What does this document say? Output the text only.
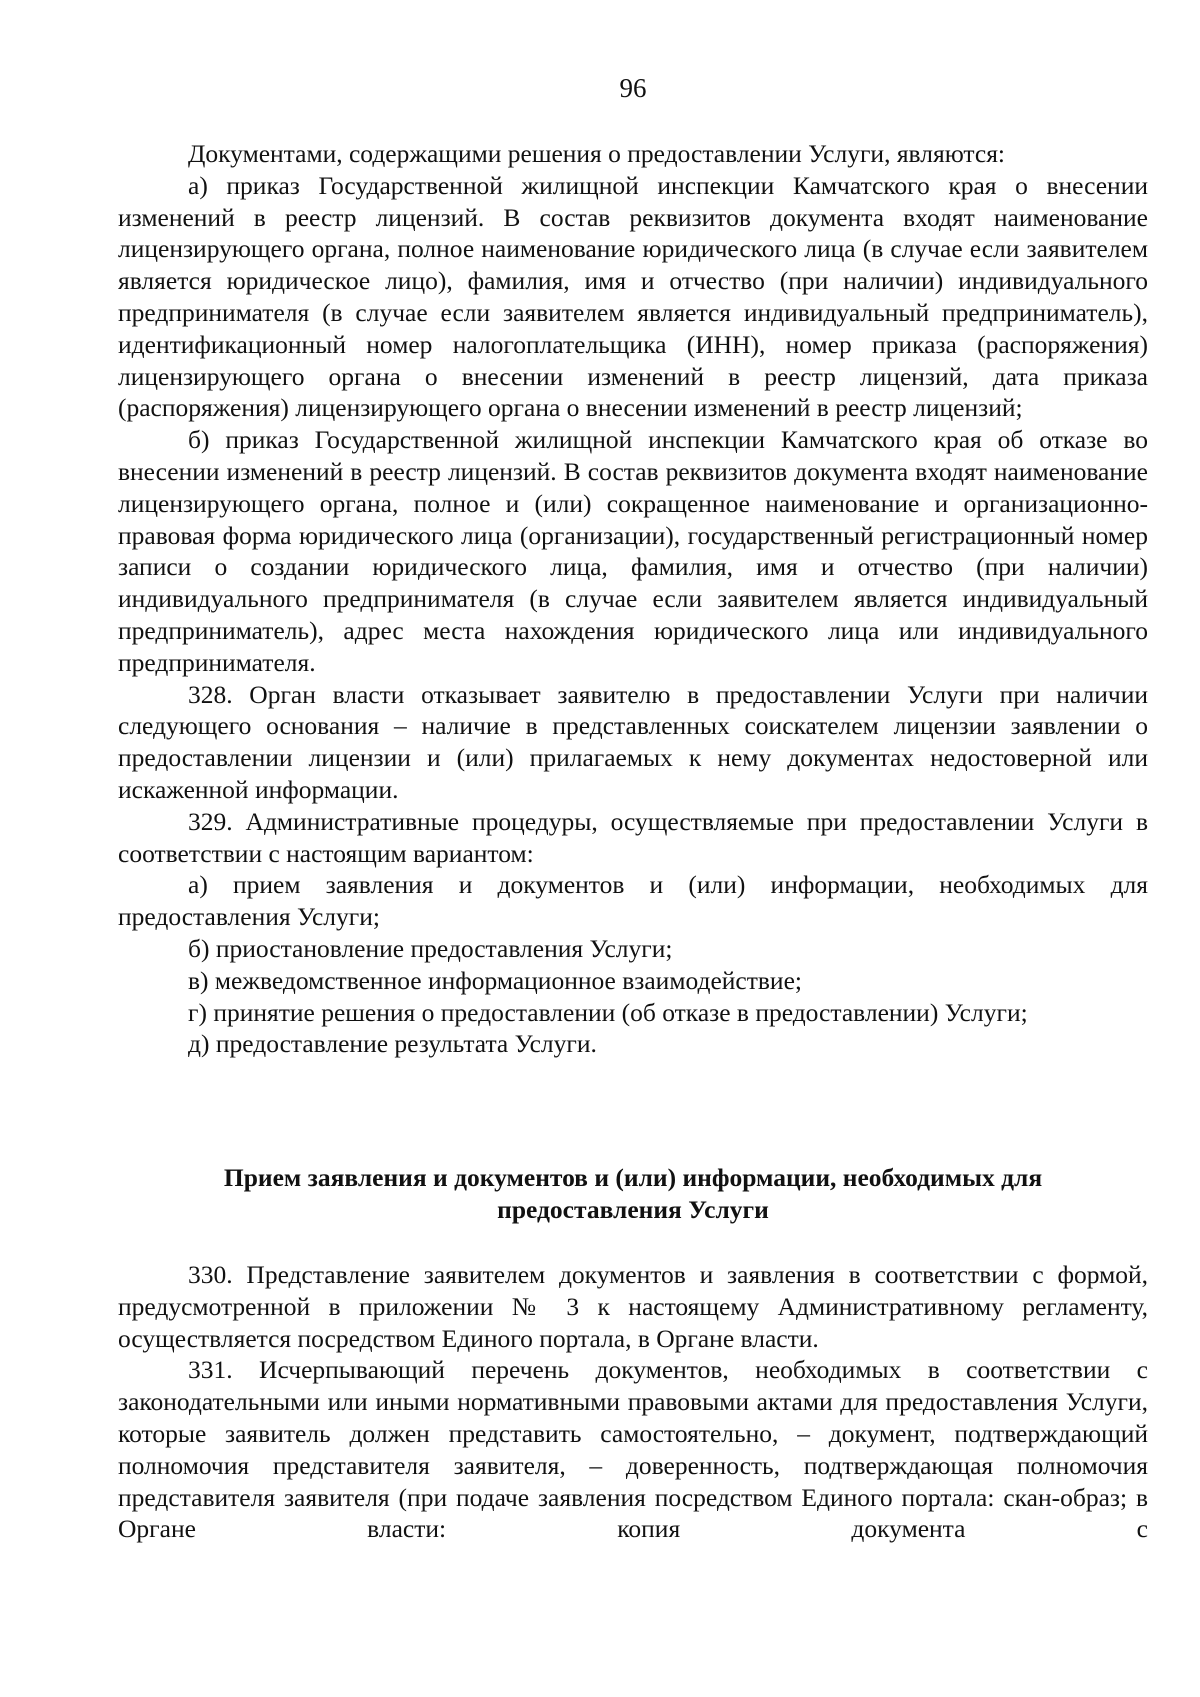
96

Документами, содержащими решения о предоставлении Услуги, являются:

а) приказ Государственной жилищной инспекции Камчатского края о внесении изменений в реестр лицензий. В состав реквизитов документа входят наименование лицензирующего органа, полное наименование юридического лица (в случае если заявителем является юридическое лицо), фамилия, имя и отчество (при наличии) индивидуального предпринимателя (в случае если заявителем является индивидуальный предприниматель), идентификационный номер налогоплательщика (ИНН), номер приказа (распоряжения) лицензирующего органа о внесении изменений в реестр лицензий, дата приказа (распоряжения) лицензирующего органа о внесении изменений в реестр лицензий;

б) приказ Государственной жилищной инспекции Камчатского края об отказе во внесении изменений в реестр лицензий. В состав реквизитов документа входят наименование лицензирующего органа, полное и (или) сокращенное наименование и организационно-правовая форма юридического лица (организации), государственный регистрационный номер записи о создании юридического лица, фамилия, имя и отчество (при наличии) индивидуального предпринимателя (в случае если заявителем является индивидуальный предприниматель), адрес места нахождения юридического лица или индивидуального предпринимателя.

328. Орган власти отказывает заявителю в предоставлении Услуги при наличии следующего основания – наличие в представленных соискателем лицензии заявлении о предоставлении лицензии и (или) прилагаемых к нему документах недостоверной или искаженной информации.

329. Административные процедуры, осуществляемые при предоставлении Услуги в соответствии с настоящим вариантом:

а) прием заявления и документов и (или) информации, необходимых для предоставления Услуги;

б) приостановление предоставления Услуги;

в) межведомственное информационное взаимодействие;

г) принятие решения о предоставлении (об отказе в предоставлении) Услуги;

д) предоставление результата Услуги.

Прием заявления и документов и (или) информации, необходимых для

предоставления Услуги

330. Представление заявителем документов и заявления в соответствии с формой, предусмотренной в приложении № 3 к настоящему Административному регламенту, осуществляется посредством Единого портала, в Органе власти.

331. Исчерпывающий перечень документов, необходимых в соответствии с законодательными или иными нормативными правовыми актами для предоставления Услуги, которые заявитель должен представить самостоятельно, – документ, подтверждающий полномочия представителя заявителя, – доверенность, подтверждающая полномочия представителя заявителя (при подаче заявления посредством Единого портала: скан-образ; в Органе власти: копия документа с
